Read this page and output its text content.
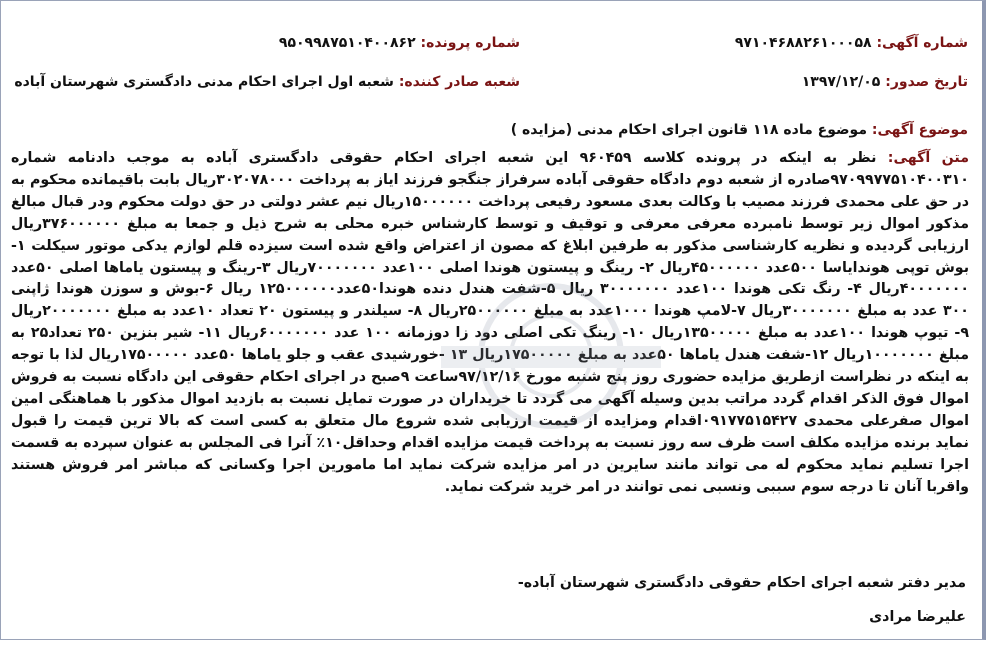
شماره آگهی: ۹۷۱۰۴۶۸۸۲۶۱۰۰۰۵۸
شماره پرونده: ۹۵۰۹۹۸۷۵۱۰۴۰۰۸۶۲
تاریخ صدور: ۱۳۹۷/۱۲/۰۵
شعبه صادر کننده: شعبه اول اجرای احکام مدنی دادگستری شهرستان آباده
موضوع آگهی: موضوع ماده ۱۱۸ قانون اجرای احکام مدنی (مزایده )
متن آگهی: نظر به اینکه در پرونده کلاسه ۹۶۰۴۵۹ این شعبه اجرای احکام حقوقی دادگستری آباده به موجب دادنامه شماره ۹۷۰۹۹۷۷۵۱۰۴۰۰۳۱۰صادره از شعبه دوم دادگاه حقوقی آباده سرفراز جنگجو فرزند ایاز به پرداخت ۳۰۲۰۷۸۰۰۰ریال بابت باقیمانده محکوم به در حق علی محمدی فرزند مصیب با وکالت بعدی مسعود رفیعی پرداخت ۱۵۰۰۰۰۰۰ریال نیم عشر دولتی در حق دولت محکوم ودر قبال مبالغ مذکور اموال زیر توسط نامبرده معرفی معرفی و توقیف و توسط کارشناس خبره محلی به شرح ذیل و جمعا به مبلغ ۳۷۶۰۰۰۰۰۰ریال ارزیابی گردیده و نظریه کارشناسی مذکور به طرفین ابلاغ که مصون از اعتراض واقع شده است سیزده قلم لوازم یدکی موتور سیکلت ۱-بوش توپی هوندایاسا ۵۰۰عدد ۴۵۰۰۰۰۰۰ریال ۲- رینگ و پیستون هوندا اصلی ۱۰۰عدد ۷۰۰۰۰۰۰۰ریال ۳-رینگ و پیستون یاماها اصلی ۵۰عدد ۴۰۰۰۰۰۰۰ریال ۴- رنگ تکی هوندا ۱۰۰عدد ۳۰۰۰۰۰۰۰ ریال ۵-شفت هندل دنده هوندا۵۰عدد۱۲۵۰۰۰۰۰۰ ریال ۶-بوش و سوزن هوندا ژاپنی ۳۰۰ عدد به مبلغ ۳۰۰۰۰۰۰۰ریال ۷-لامپ هوندا ۱۰۰۰عدد به مبلغ ۲۵۰۰۰۰۰۰ریال ۸- سیلندر و پیستون ۲۰ تعداد ۱۰عدد به مبلغ ۲۰۰۰۰۰۰۰ریال ۹- تیوپ هوندا ۱۰۰عدد به مبلغ ۱۳۵۰۰۰۰۰ریال ۱۰- رینگ تکی اصلی دود زا دوزمانه ۱۰۰ عدد ۶۰۰۰۰۰۰۰ریال ۱۱- شیر بنزین ۲۵۰ تعداد۲۵ به مبلغ ۱۰۰۰۰۰۰۰ریال ۱۲-شفت هندل یاماها ۵۰عدد به مبلغ ۱۷۵۰۰۰۰۰ریال ۱۳ -خورشیدی عقب و جلو یاماها ۵۰عدد ۱۷۵۰۰۰۰۰ریال لذا با توجه به اینکه در نظراست ازطریق مزایده حضوری روز پنج شنبه مورخ ۹۷/۱۲/۱۶ساعت ۹صبح در اجرای احکام حقوقی این دادگاه نسبت به فروش اموال فوق الذکر اقدام گردد مراتب بدین وسیله آگهی می گردد تا خریداران در صورت تمایل نسبت به بازدید اموال مذکور با هماهنگی امین اموال صفرعلی محمدی ۰۹۱۷۷۵۱۵۴۲۷اقدام ومزایده از قیمت ارزیابی شده شروع مال متعلق به کسی است که بالا ترین قیمت را قبول نماید برنده مزایده مکلف است ظرف سه روز نسبت به پرداخت قیمت مزایده اقدام وحداقل۱۰٪ آنرا فی المجلس به عنوان سپرده به قسمت اجرا تسلیم نماید محکوم له می تواند مانند سایرین در امر مزایده شرکت نماید اما مامورین اجرا وکسانی که مباشر امر فروش هستند واقربا آنان تا درجه سوم سببی ونسبی نمی توانند در امر خرید شرکت نماید.
مدیر دفتر شعبه اجرای احکام حقوقی دادگستری شهرستان آباده-
علیرضا مرادی
